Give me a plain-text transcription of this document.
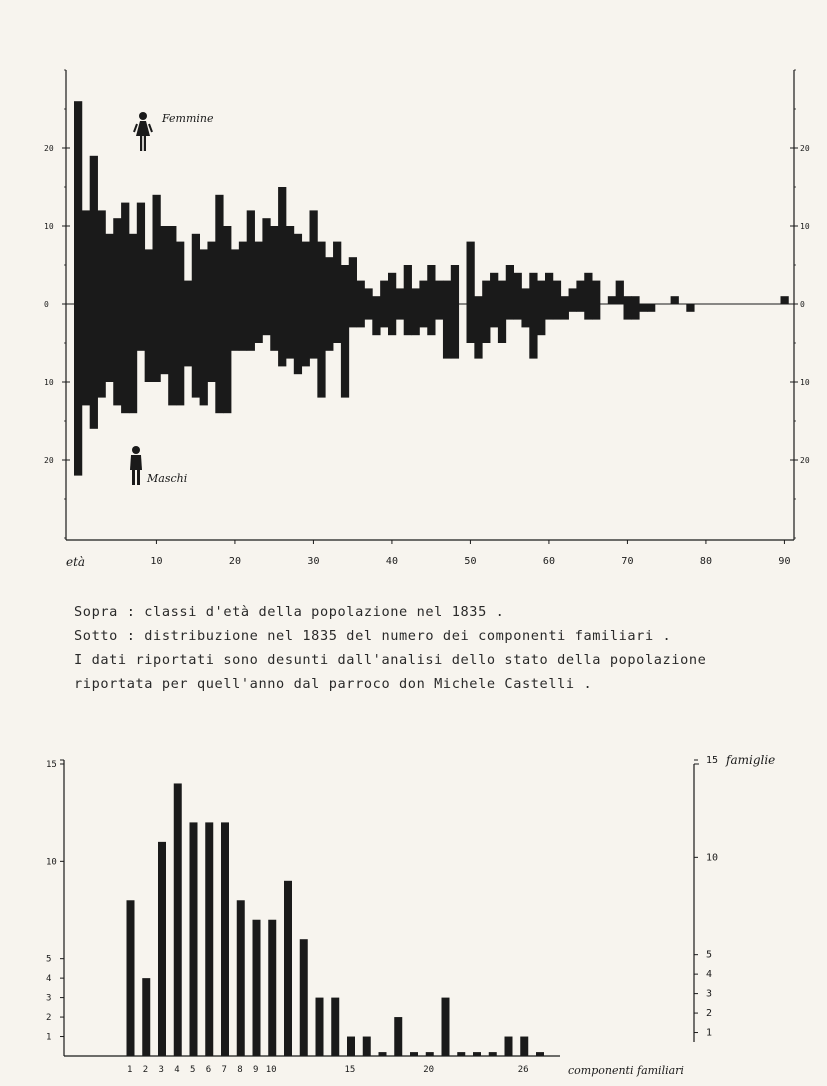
0	0
10	10
20	20
10	10
20	20
10	20	30	40	50	60	70	80	90
Femmine
Maschi
età
Sopra : classi d'età della popolazione nel 1835 .
Sotto : distribuzione nel 1835 del numero dei componenti familiari .
I dati riportati sono desunti dall'analisi dello stato della popolazione
riportata per quell'anno dal parroco don Michele Castelli .
1
2
3
4
5
10
15
1
2
3
4
5
10
15
1 2 3 4 5 6 7 8 9 10	15	20	26
famiglie
componenti familiari
